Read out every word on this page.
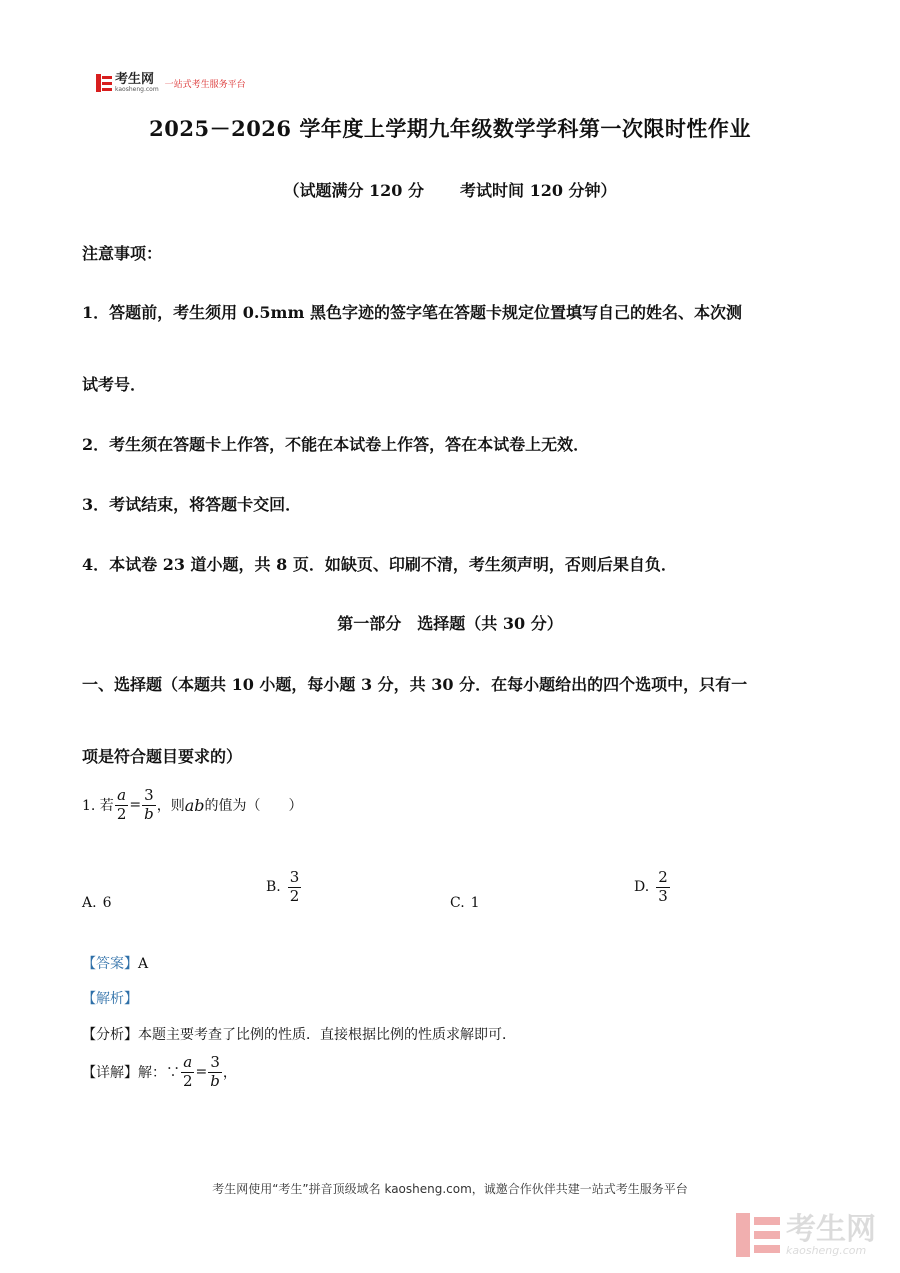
考生网
kaosheng.com 一站式考生服务平台
2025－2026 学年度上学期九年级数学学科第一次限时性作业
（试题满分 120 分 考试时间 120 分钟）
注意事项：
1．答题前，考生须用 0.5mm 黑色字迹的签字笔在答题卡规定位置填写自己的姓名、本次测
试考号．
2．考生须在答题卡上作答，不能在本试卷上作答，答在本试卷上无效．
3．考试结束，将答题卡交回．
4．本试卷 23 道小题，共 8 页．如缺页、印刷不清，考生须声明，否则后果自负．
第一部分　选择题（共 30 分）
一、选择题（本题共 10 小题，每小题 3 分，共 30 分．在每小题给出的四个选项中，只有一
项是符合题目要求的）
1. 若 $\frac{a}{2} = \frac{3}{b}$ ，则 ab 的值为（　　）
A. 6
B. $\frac{3}{2}$	C. 1
D. $\frac{2}{3}$
【答案】A
【解析】
【分析】本题主要考查了比例的性质．直接根据比例的性质求解即可．
【详解】 解：∵ $\frac{a}{2} = \frac{3}{b}$ ，
考生网使用“考生”拼音顶级域名 kaosheng.com，诚邀合作伙伴共建一站式考生服务平台
考生网
kaosheng.com
